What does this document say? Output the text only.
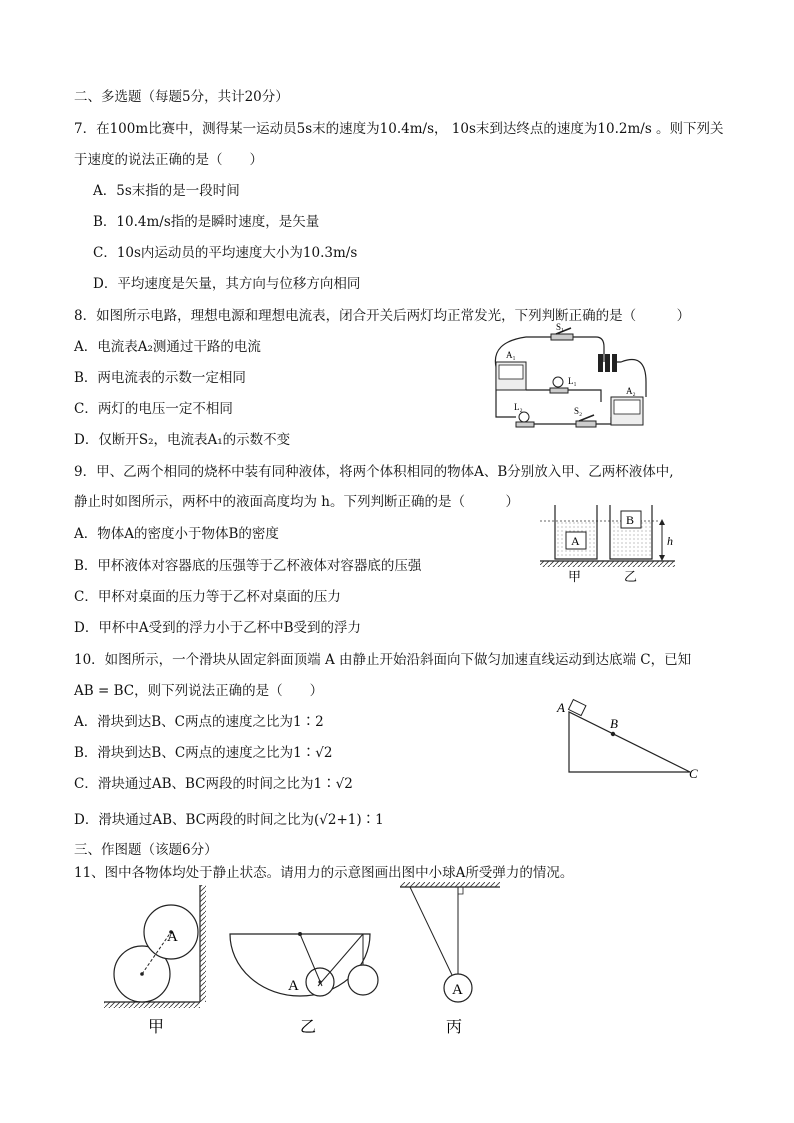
二、多选题（每题5分，共计20分）
7．在100m比赛中，测得某一运动员5s末的速度为10.4m/s， 10s末到达终点的速度为10.2m/s 。则下列关
于速度的说法正确的是（　　）
A．5s末指的是一段时间
B．10.4m/s指的是瞬时速度，是矢量
C．10s内运动员的平均速度大小为10.3m/s
D．平均速度是矢量，其方向与位移方向相同
8．如图所示电路，理想电源和理想电流表，闭合开关后两灯均正常发光，下列判断正确的是（　　　）
A．电流表A₂测通过干路的电流
B．两电流表的示数一定相同
C．两灯的电压一定不相同
D．仅断开S₂，电流表A₁的示数不变
S₁
A₁
L₁
A₂
L₂	S₂
9．甲、乙两个相同的烧杯中装有同种液体，将两个体积相同的物体A、B分别放入甲、乙两杯液体中,
静止时如图所示，两杯中的液面高度均为 h。下列判断正确的是（　　　）
A．物体A的密度小于物体B的密度
B．甲杯液体对容器底的压强等于乙杯液体对容器底的压强
C．甲杯对桌面的压力等于乙杯对桌面的压力
D．甲杯中A受到的浮力小于乙杯中B受到的浮力
A
B
h
甲	乙
10．如图所示，一个滑块从固定斜面顶端 A 由静止开始沿斜面向下做匀加速直线运动到达底端 C，已知
AB = BC，则下列说法正确的是（　　）
A．滑块到达B、C两点的速度之比为1∶2
B．滑块到达B、C两点的速度之比为1∶√2
C．滑块通过AB、BC两段的时间之比为1∶√2
D．滑块通过AB、BC两段的时间之比为(√2+1)∶1
A
B
C
三、作图题（该题6分）
11、图中各物体均处于静止状态。请用力的示意图画出图中小球A所受弹力的情况。
A
甲
A
乙
A
丙
